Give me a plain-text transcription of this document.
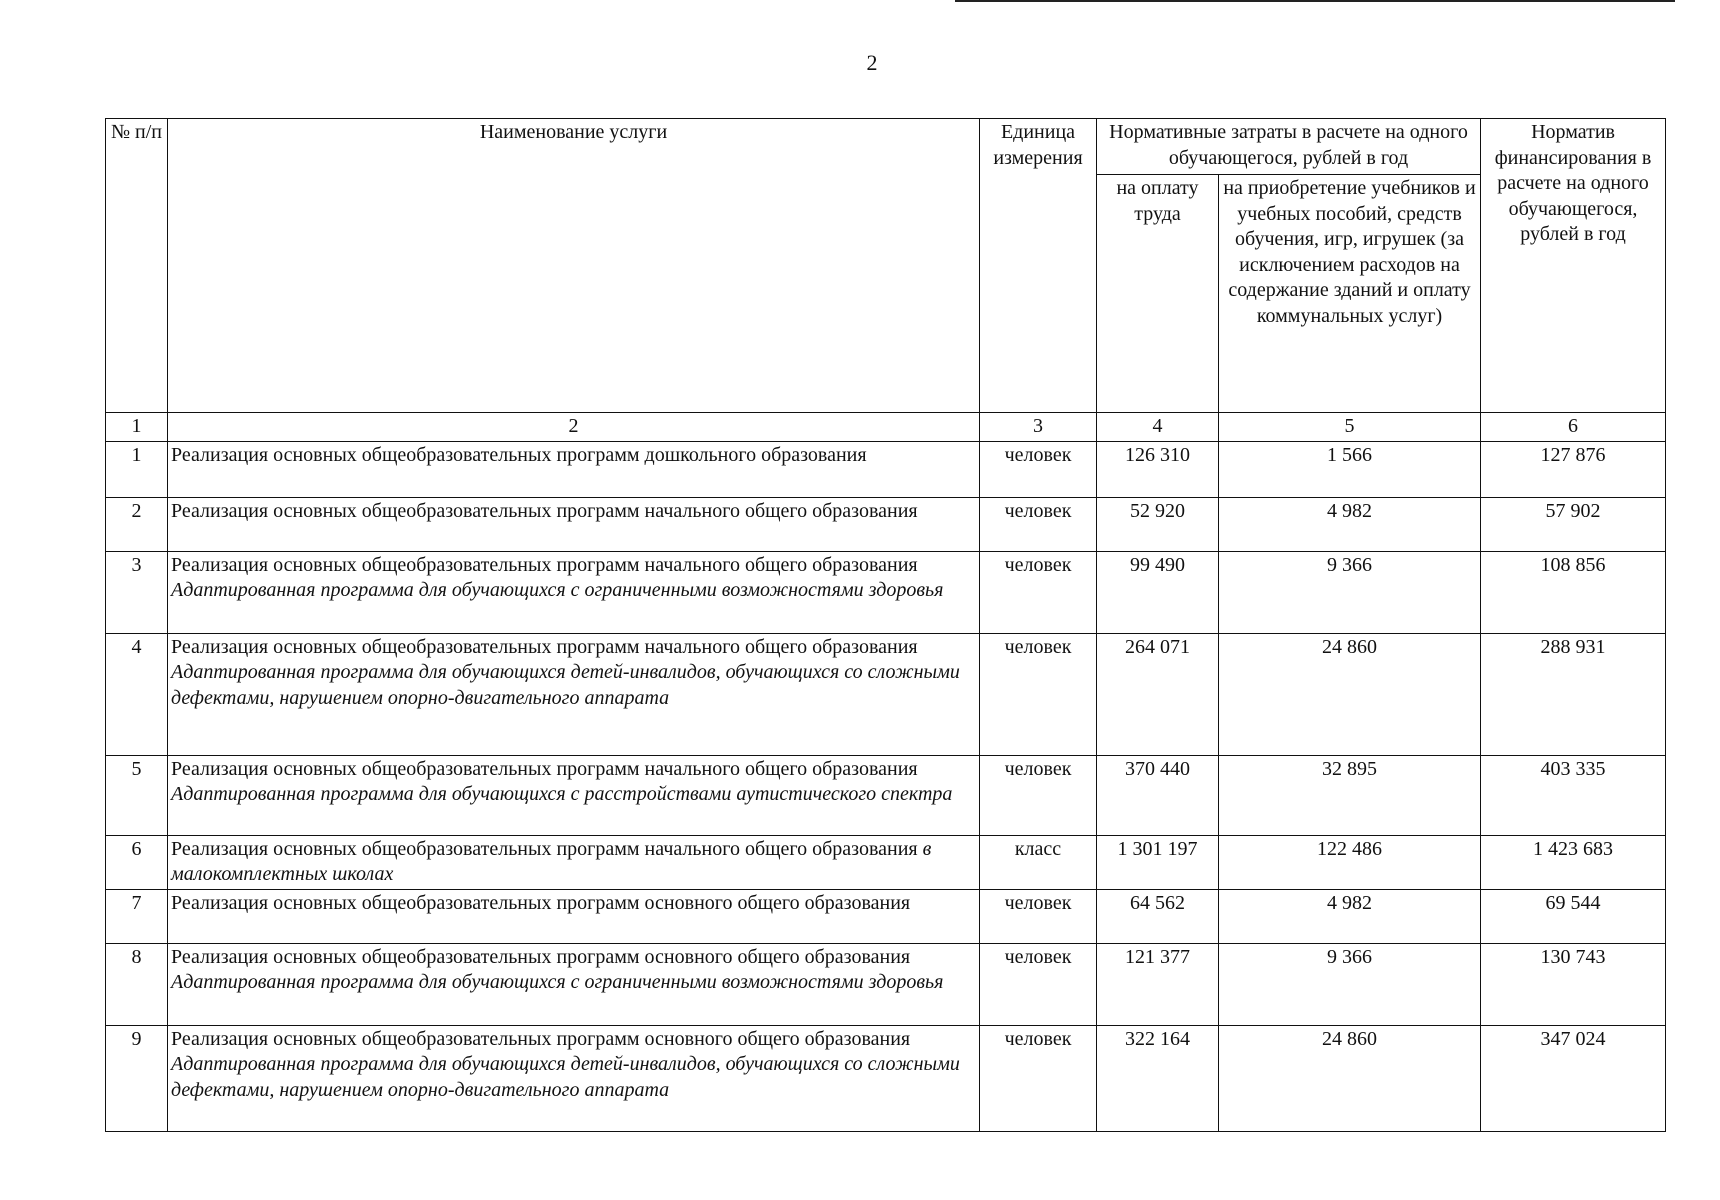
2
№ п/п	Наименование услуги	Единица измерения	Нормативные затраты в расчете на одного обучающегося, рублей в год		Норматив финансирования в расчете на одного обучающегося, рублей в год
			на оплату труда	на приобретение учебников и учебных пособий, средств обучения, игр, игрушек (за исключением расходов на содержание зданий и оплату коммунальных услуг)	
1	2	3	4	5	6
1	Реализация основных общеобразовательных программ дошкольного образования	человек	126 310	1 566	127 876
2	Реализация основных общеобразовательных программ начального общего образования	человек	52 920	4 982	57 902
3	Реализация основных общеобразовательных программ начального общего образования Адаптированная программа для обучающихся с ограниченными возможностями здоровья	человек	99 490	9 366	108 856
4	Реализация основных общеобразовательных программ начального общего образования Адаптированная программа для обучающихся детей-инвалидов, обучающихся со сложными дефектами, нарушением опорно-двигательного аппарата	человек	264 071	24 860	288 931
5	Реализация основных общеобразовательных программ начального общего образования Адаптированная программа для обучающихся с расстройствами аутистического спектра	человек	370 440	32 895	403 335
6	Реализация основных общеобразовательных программ начального общего образования в малокомплектных школах	класс	1 301 197	122 486	1 423 683
7	Реализация основных общеобразовательных программ основного общего образования	человек	64 562	4 982	69 544
8	Реализация основных общеобразовательных программ основного общего образования Адаптированная программа для обучающихся с ограниченными возможностями здоровья	человек	121 377	9 366	130 743
9	Реализация основных общеобразовательных программ основного общего образования Адаптированная программа для обучающихся детей-инвалидов, обучающихся со сложными дефектами, нарушением опорно-двигательного аппарата	человек	322 164	24 860	347 024
